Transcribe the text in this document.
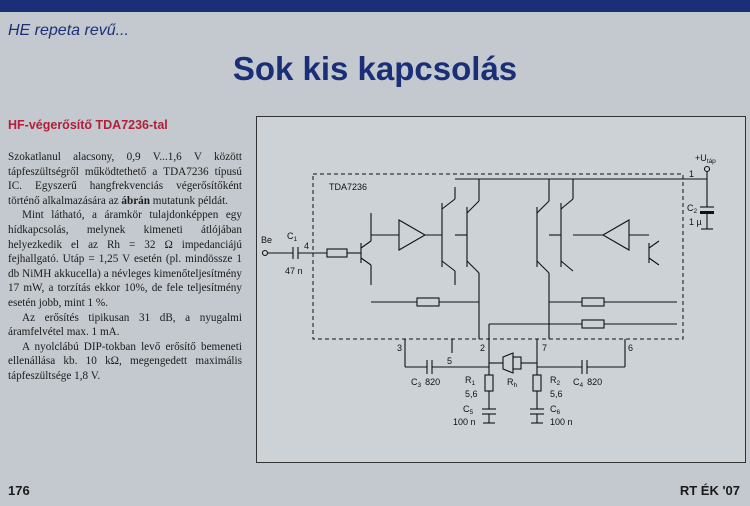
HE repeta revű...
Sok kis kapcsolás
HF-végerősítő TDA7236-tal

Szokatlanul alacsony, 0,9 V...1,6 V között tápfeszültségről működtethető a TDA7236 típusú IC. Egyszerű hangfrekvenciás végerősítőként történő alkalmazására az ábrán mutatunk példát.

Mint látható, a áramkör tulajdonképpen egy hídkapcsolás, melynek kimeneti átlójában helyezkedik el az Rh = 32 Ω impedanciájú fejhallgató. Utáp = 1,25 V esetén (pl. mindössze 1 db NiMH akkucella) a névleges kimenőteljesítmény 17 mW, a torzítás ekkor 10%, de fele teljesítmény esetén jobb, mint 1 %.

Az erősítés tipikusan 31 dB, a nyugalmi áramfelvétel max. 1 mA.

A nyolclábú DIP-tokban levő erősítő bemeneti ellenállása kb. 10 kΩ, megengedett maximális tápfeszültsége 1,8 V.

TDA7236
$+U_{táp}$
1
$C_2$
1 µ
Be $C_1$
47 n
4
3
5
2	7	6
$C_3$ 820	$R_h$	$C_4$ 820
$R_1$
5,6
$C_5$
100 n
$R_2$
5,6
$C_6$
100 n
176	RT ÉK '07
